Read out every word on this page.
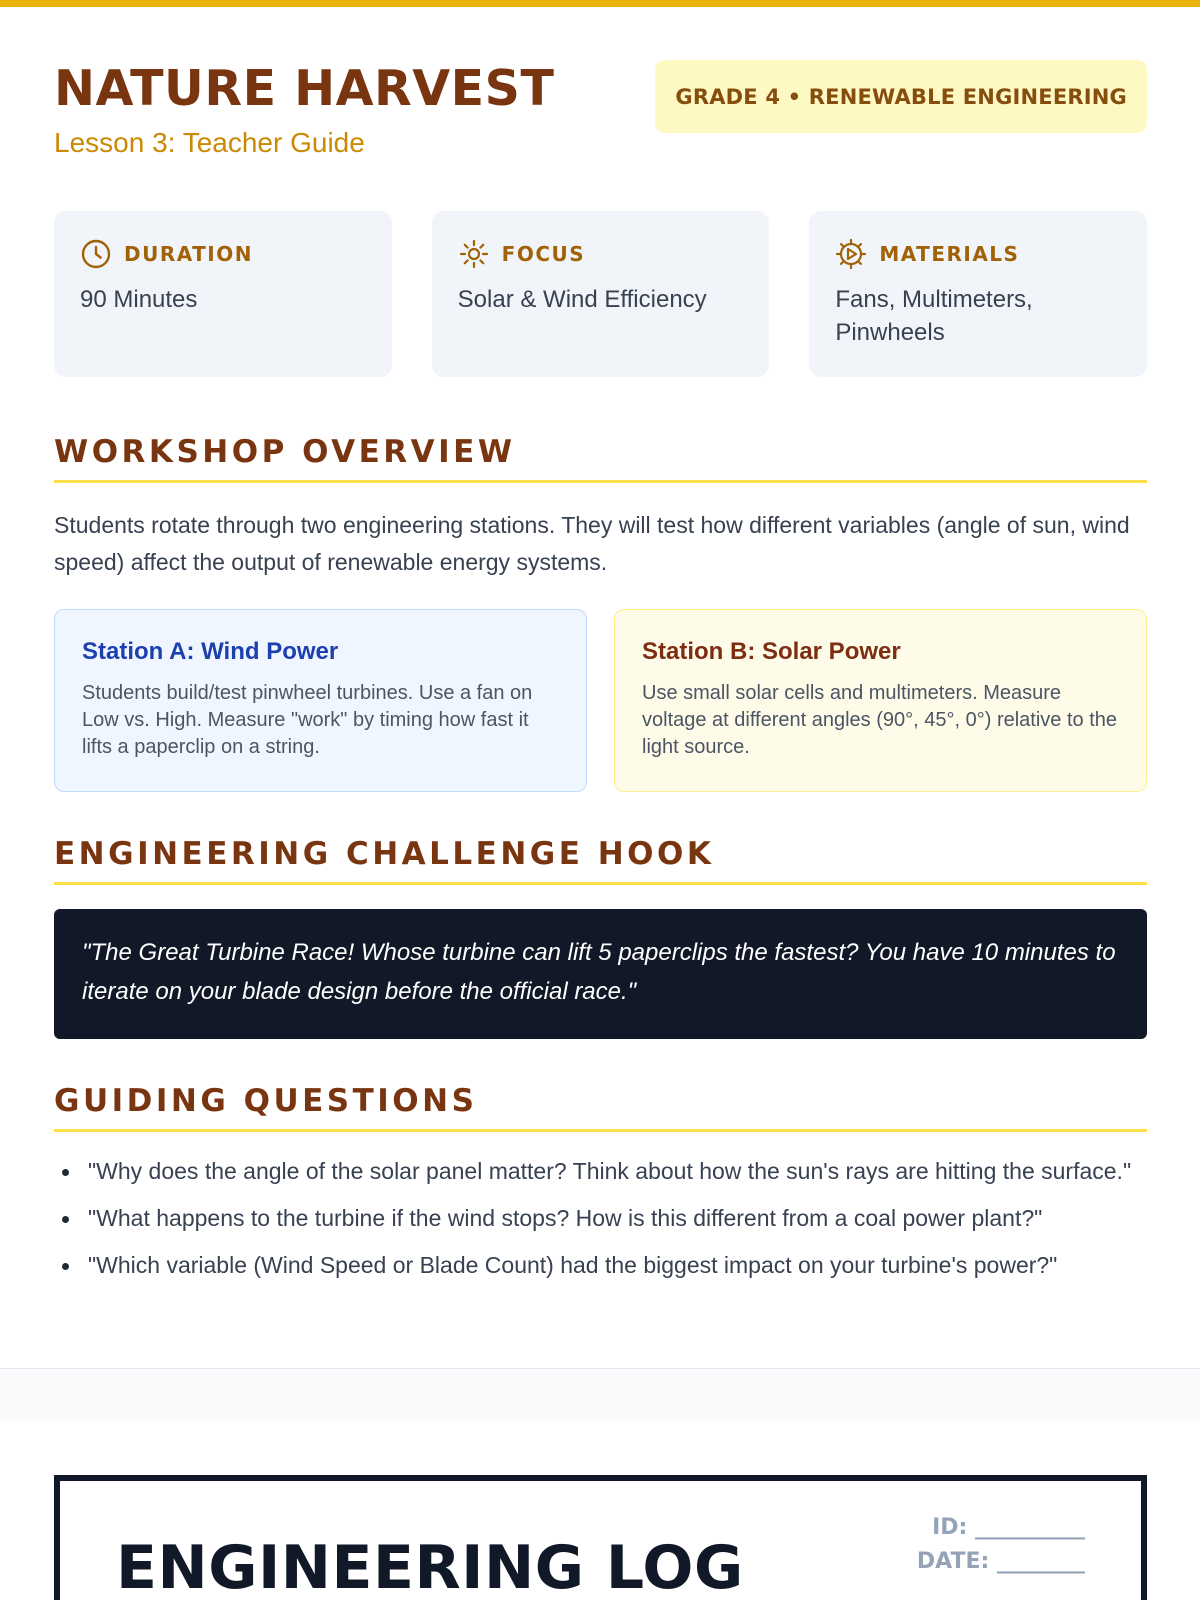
NATURE HARVEST
Lesson 3: Teacher Guide
GRADE 4 • RENEWABLE ENGINEERING
DURATION
90 Minutes
FOCUS
Solar & Wind Efficiency
MATERIALS
Fans, Multimeters, Pinwheels
WORKSHOP OVERVIEW
Students rotate through two engineering stations. They will test how different variables (angle of sun, wind speed) affect the output of renewable energy systems.
Station A: Wind Power

Students build/test pinwheel turbines. Use a fan on Low vs. High. Measure "work" by timing how fast it lifts a paperclip on a string.

Station B: Solar Power

Use small solar cells and multimeters. Measure voltage at different angles (90°, 45°, 0°) relative to the light source.

ENGINEERING CHALLENGE HOOK
"The Great Turbine Race! Whose turbine can lift 5 paperclips the fastest? You have 10 minutes to iterate on your blade design before the official race."
GUIDING QUESTIONS
"Why does the angle of the solar panel matter? Think about how the sun's rays are hitting the surface."
"What happens to the turbine if the wind stops? How is this different from a coal power plant?"
"Which variable (Wind Speed or Blade Count) had the biggest impact on your turbine's power?"
ENGINEERING LOG
ID: __________
DATE: ________
